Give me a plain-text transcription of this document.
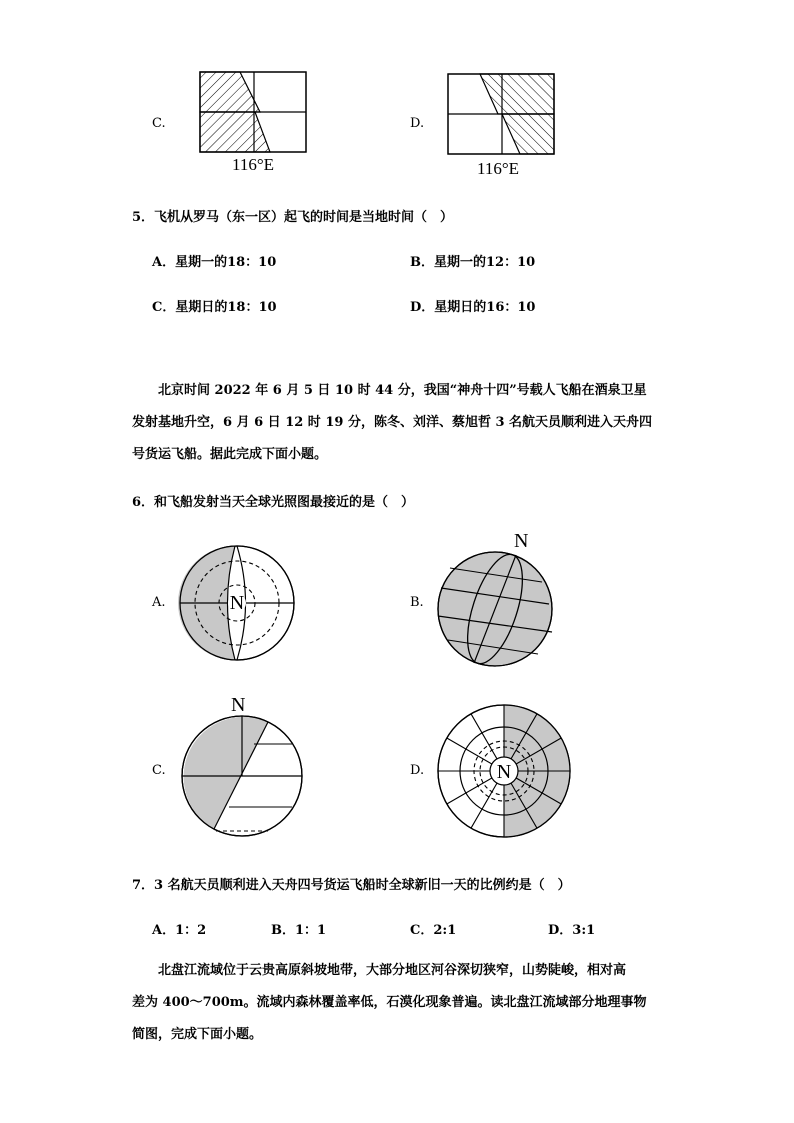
C.
116°E
D.
116°E
5．飞机从罗马（东一区）起飞的时间是当地时间（　）
A．星期一的18：10	B．星期一的12：10
C．星期日的18：10	D．星期日的16：10
北京时间 2022 年 6 月 5 日 10 时 44 分，我国“神舟十四”号载人飞船在酒泉卫星
发射基地升空，6 月 6 日 12 时 19 分，陈冬、刘洋、蔡旭哲 3 名航天员顺利进入天舟四
号货运飞船。据此完成下面小题。
6．和飞船发射当天全球光照图最接近的是（　）
A.	N	B.
N
C.
N
D.	N
7．3 名航天员顺利进入天舟四号货运飞船时全球新旧一天的比例约是（　）
A．1：2	B．1：1	C．2:1	D．3:1
北盘江流域位于云贵高原斜坡地带，大部分地区河谷深切狭窄，山势陡峻，相对高
差为 400～700m。流域内森林覆盖率低，石漠化现象普遍。读北盘江流域部分地理事物
简图，完成下面小题。
